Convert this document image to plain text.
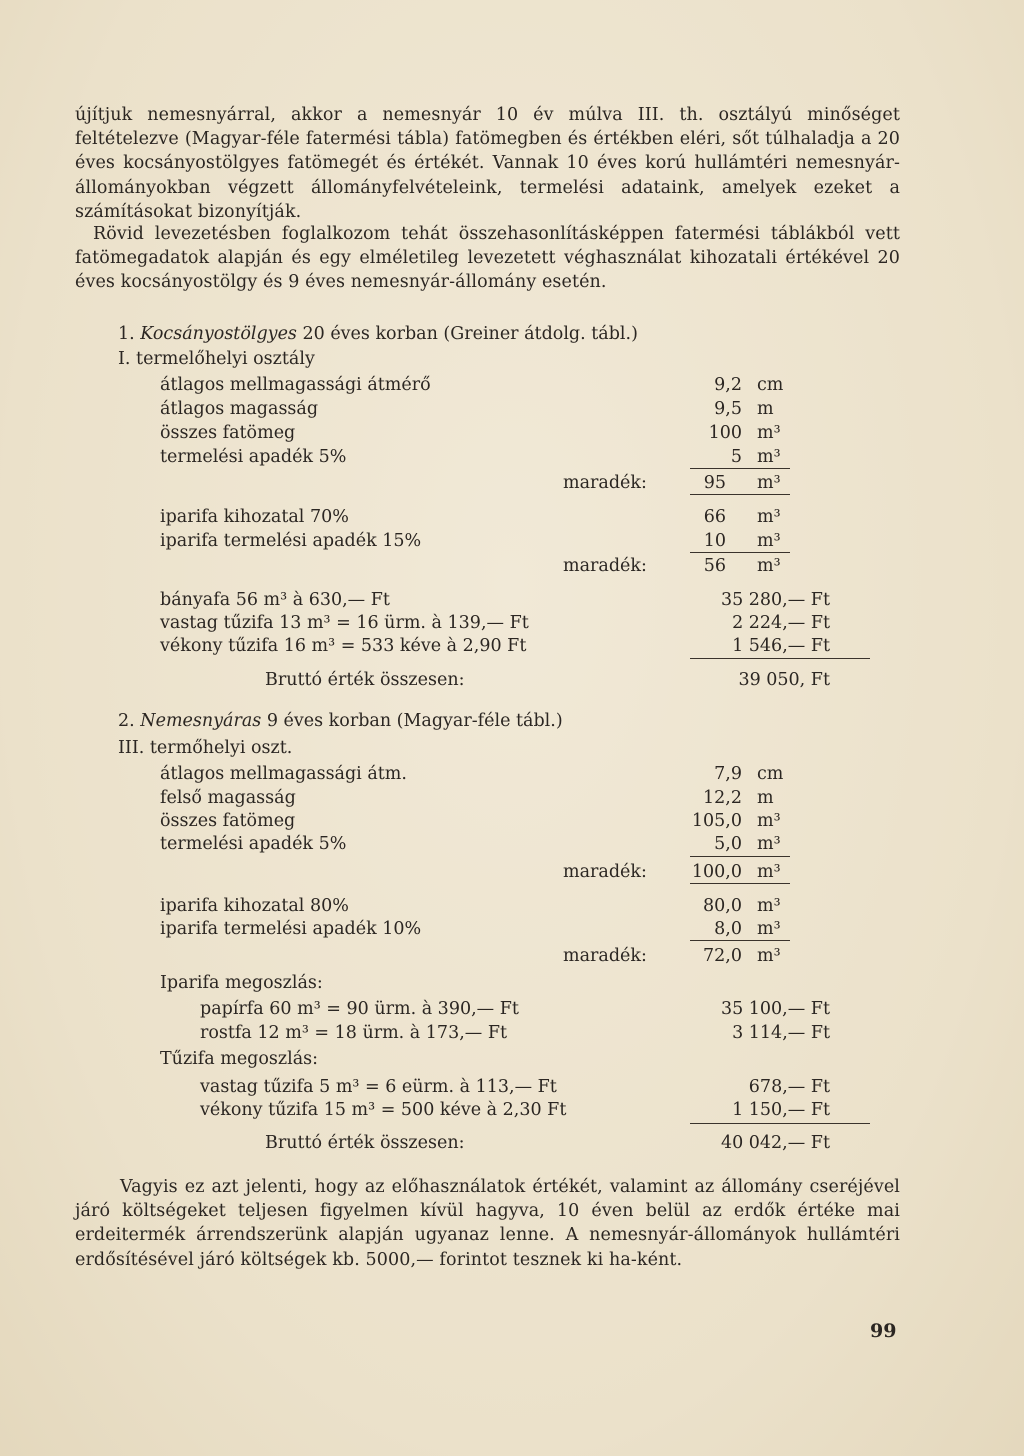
újítjuk nemesnyárral, akkor a nemesnyár 10 év múlva III. th. osztályú minőséget feltételezve (Magyar-féle fatermési tábla) fatömegben és értékben eléri, sőt túlhaladja a 20 éves kocsányostölgyes fatömegét és értékét. Vannak 10 éves korú hullámtéri nemesnyár-állományokban végzett állományfelvételeink, termelési adataink, amelyek ezeket a számításokat bizonyítják.

Rövid levezetésben foglalkozom tehát összehasonlításképpen fatermési táblákból vett fatömegadatok alapján és egy elméletileg levezetett véghasználat kihozatali értékével 20 éves kocsányostölgy és 9 éves nemesnyár-állomány esetén.

1. Kocsányostölgyes 20 éves korban (Greiner átdolg. tábl.)
I. termelőhelyi osztály
átlagos mellmagassági átmérő	9,2 cm
átlagos magasság	9,5 m
összes fatömeg	100 m³
termelési apadék 5%	5 m³
maradék:	95 m³
iparifa kihozatal 70%	66 m³
iparifa termelési apadék 15%	10 m³
maradék:	56 m³
bányafa 56 m³ à 630,— Ft	35 280,— Ft
vastag tűzifa 13 m³ = 16 ürm. à 139,— Ft	2 224,— Ft
vékony tűzifa 16 m³ = 533 kéve à 2,90 Ft	1 546,— Ft
Bruttó érték összesen:	39 050, Ft
2. Nemesnyáras 9 éves korban (Magyar-féle tábl.)
III. termőhelyi oszt.
átlagos mellmagassági átm.	7,9 cm
felső magasság	12,2 m
összes fatömeg	105,0 m³
termelési apadék 5%	5,0 m³
maradék:	100,0 m³
iparifa kihozatal 80%	80,0 m³
iparifa termelési apadék 10%	8,0 m³
maradék:	72,0 m³
Iparifa megoszlás:
papírfa 60 m³ = 90 ürm. à 390,— Ft	35 100,— Ft
rostfa 12 m³ = 18 ürm. à 173,— Ft	3 114,— Ft
Tűzifa megoszlás:
vastag tűzifa 5 m³ = 6 eürm. à 113,— Ft	678,— Ft
vékony tűzifa 15 m³ = 500 kéve à 2,30 Ft	1 150,— Ft
Bruttó érték összesen:	40 042,— Ft

Vagyis ez azt jelenti, hogy az előhasználatok értékét, valamint az állomány cseréjével járó költségeket teljesen figyelmen kívül hagyva, 10 éven belül az erdők értéke mai erdeitermék árrendszerünk alapján ugyanaz lenne. A nemesnyár-állományok hullámtéri erdősítésével járó költségek kb. 5000,— forintot tesznek ki ha-ként.

99
